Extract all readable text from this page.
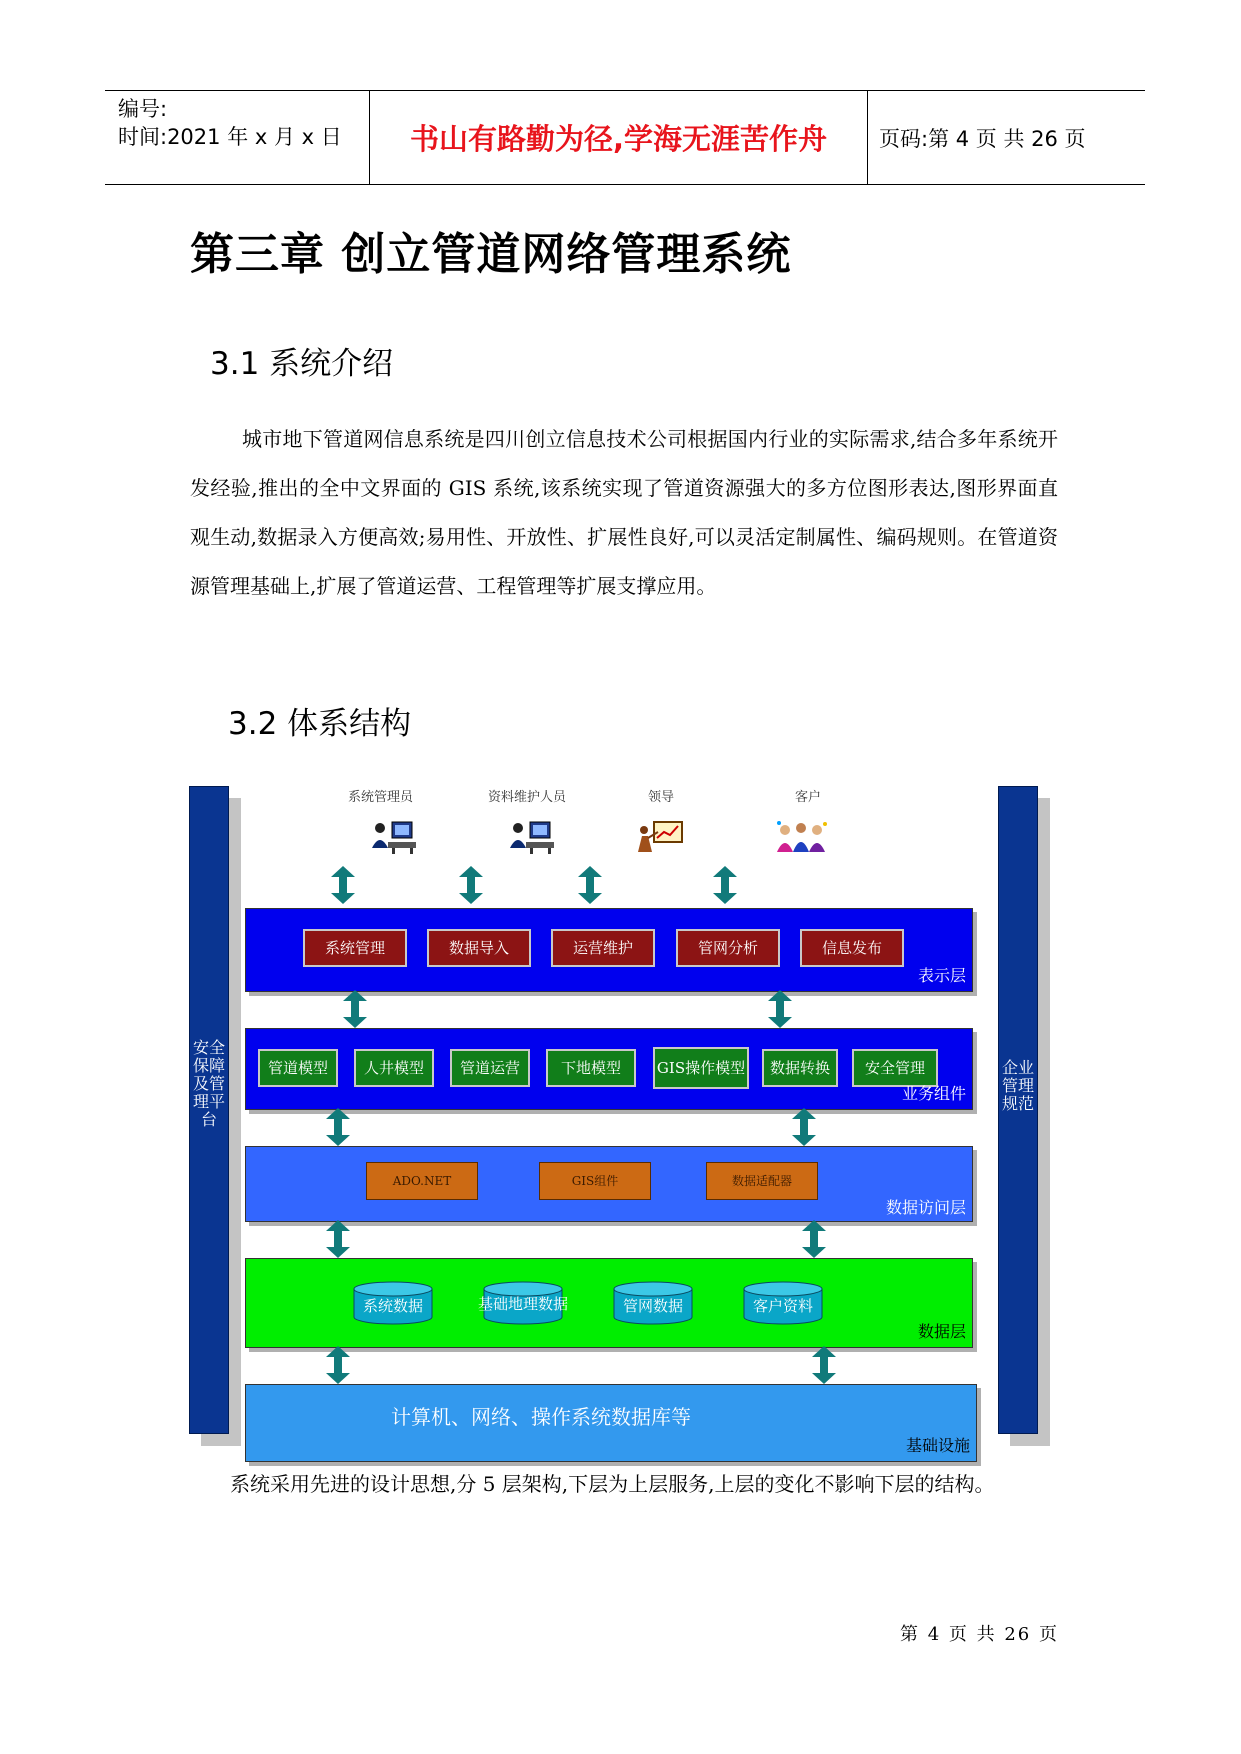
编号:
时间:2021 年 x 月 x 日	书山有路勤为径,学海无涯苦作舟	页码:第 4 页 共 26 页
第三章 创立管道网络管理系统
3.1 系统介绍

城市地下管道网信息系统是四川创立信息技术公司根据国内行业的实际需求,结合多年系统开发经验,推出的全中文界面的 GIS 系统,该系统实现了管道资源强大的多方位图形表达,图形界面直观生动,数据录入方便高效;易用性、开放性、扩展性良好,可以灵活定制属性、编码规则。在管道资源管理基础上,扩展了管道运营、工程管理等扩展支撑应用。

3.2 体系结构
安全保障及管理平台
企业管理规范
系统管理员	资料维护人员	领导	客户
系统管理	数据导入	运营维护	管网分析	信息发布
表示层
管道模型	人井模型	管道运营	下地模型	GIS操作模型	数据转换	安全管理
业务组件
ADO.NET	GIS组件	数据适配器
数据访问层
系统数据	基础地理数据	管网数据	客户资料
数据层
计算机、网络、操作系统数据库等
基础设施

系统采用先进的设计思想,分 5 层架构,下层为上层服务,上层的变化不影响下层的结构。

第 4 页 共 26 页
